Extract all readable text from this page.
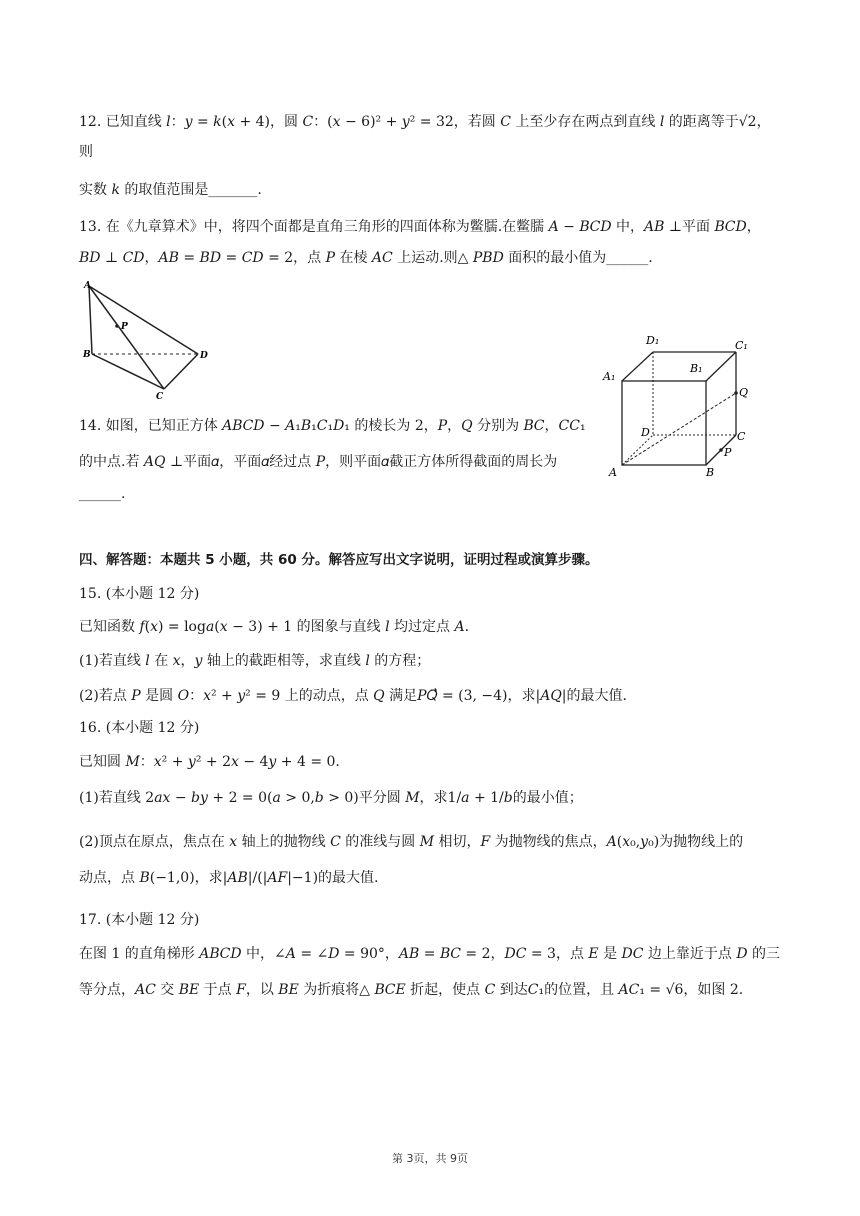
12. 已知直线 𝑙：𝑦 = 𝑘(𝑥 + 4)，圆 𝐶：(𝑥 − 6)² + 𝑦² = 32，若圆 𝐶 上至少存在两点到直线 𝑙 的距离等于√2，
则
实数 𝑘 的取值范围是_______.
13. 在《九章算术》中，将四个面都是直角三角形的四面体称为鳖臑.在鳖臑 𝐴 − 𝐵𝐶𝐷 中，𝐴𝐵 ⊥平面 𝐵𝐶𝐷，
𝐵𝐷 ⊥ 𝐶𝐷，𝐴𝐵 = 𝐵𝐷 = 𝐶𝐷 = 2，点 𝑃 在棱 𝐴𝐶 上运动.则△ 𝑃𝐵𝐷 面积的最小值为______.
A
B	D
C
P
D₁	C₁
A₁
B₁
Q
D	C
P
A	B
14. 如图，已知正方体 𝐴𝐵𝐶𝐷 − 𝐴₁𝐵₁𝐶₁𝐷₁ 的棱长为 2，𝑃，𝑄 分别为 𝐵𝐶，𝐶𝐶₁
的中点.若 𝐴𝑄 ⊥平面𝛼，平面𝛼经过点 𝑃，则平面𝛼截正方体所得截面的周长为
______.
四、解答题：本题共 5 小题，共 60 分。解答应写出文字说明，证明过程或演算步骤。
15. (本小题 12 分)
已知函数 𝑓(𝑥) = log𝑎(𝑥 − 3) + 1 的图象与直线 𝑙 均过定点 𝐴.
(1)若直线 𝑙 在 𝑥，𝑦 轴上的截距相等，求直线 𝑙 的方程；
(2)若点 𝑃 是圆 𝑂：𝑥² + 𝑦² = 9 上的动点，点 𝑄 满足𝑃𝑄⃗ = (3, −4)，求|𝐴𝑄|的最大值.
16. (本小题 12 分)
已知圆 𝑀：𝑥² + 𝑦² + 2𝑥 − 4𝑦 + 4 = 0.
(1)若直线 2𝑎𝑥 − 𝑏𝑦 + 2 = 0(𝑎 > 0,𝑏 > 0)平分圆 𝑀，求1/𝑎 + 1/𝑏的最小值；
(2)顶点在原点，焦点在 𝑥 轴上的抛物线 𝐶 的准线与圆 𝑀 相切，𝐹 为抛物线的焦点，𝐴(𝑥₀,𝑦₀)为抛物线上的
动点，点 𝐵(−1,0)，求|𝐴𝐵|/(|𝐴𝐹|−1)的最大值.
17. (本小题 12 分)
在图 1 的直角梯形 𝐴𝐵𝐶𝐷 中，∠𝐴 = ∠𝐷 = 90°，𝐴𝐵 = 𝐵𝐶 = 2，𝐷𝐶 = 3，点 𝐸 是 𝐷𝐶 边上靠近于点 𝐷 的三
等分点，𝐴𝐶 交 𝐵𝐸 于点 𝐹，以 𝐵𝐸 为折痕将△ 𝐵𝐶𝐸 折起，使点 𝐶 到达𝐶₁的位置，且 𝐴𝐶₁ = √6，如图 2.
第 3页，共 9页
